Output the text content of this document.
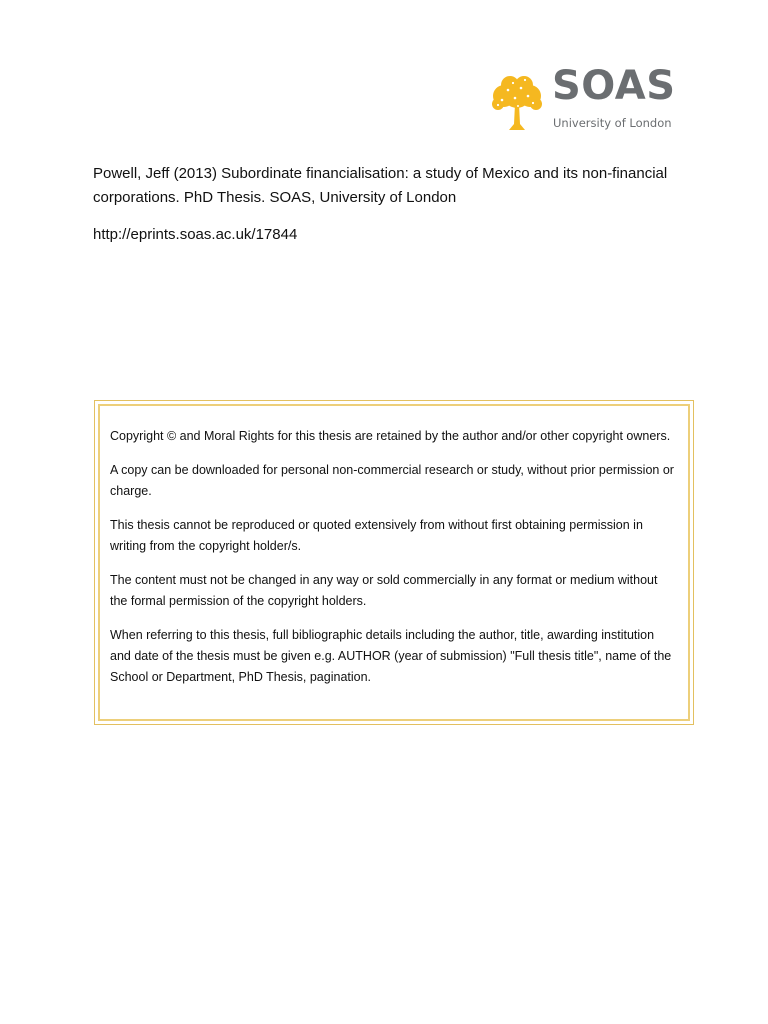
SOAS
University of London

Powell, Jeff (2013) Subordinate financialisation: a study of Mexico and its non-financial corporations. PhD Thesis. SOAS, University of London

http://eprints.soas.ac.uk/17844

Copyright © and Moral Rights for this thesis are retained by the author and/or other copyright owners.

A copy can be downloaded for personal non-commercial research or study, without prior permission or charge.

This thesis cannot be reproduced or quoted extensively from without first obtaining permission in writing from the copyright holder/s.

The content must not be changed in any way or sold commercially in any format or medium without the formal permission of the copyright holders.

When referring to this thesis, full bibliographic details including the author, title, awarding institution and date of the thesis must be given e.g. AUTHOR (year of submission) "Full thesis title", name of the School or Department, PhD Thesis, pagination.
